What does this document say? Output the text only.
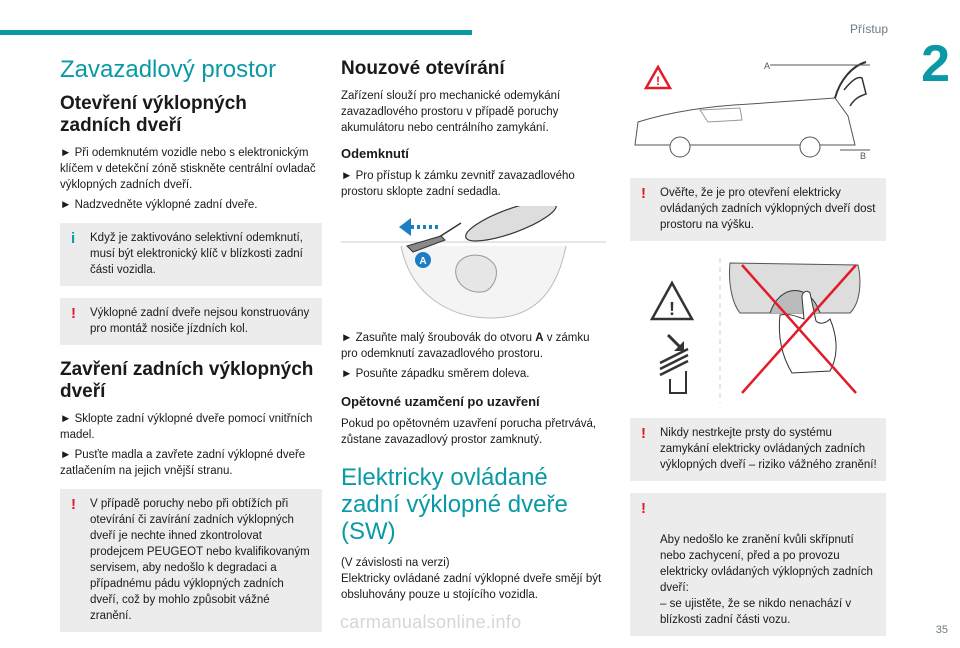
Přístup
2
Zavazadlový prostor
Otevření výklopných zadních dveří

► Při odemknutém vozidle nebo s elektronickým klíčem v detekční zóně stiskněte centrální ovladač výklopných zadních dveří.

► Nadzvedněte výklopné zadní dveře.

i Když je zaktivováno selektivní odemknutí, musí být elektronický klíč v blízkosti zadní části vozidla.
! Výklopné zadní dveře nejsou konstruovány pro montáž nosiče jízdních kol.
Zavření zadních výklopných dveří

► Sklopte zadní výklopné dveře pomocí vnitřních madel.

► Pusťte madla a zavřete zadní výklopné dveře zatlačením na jejich vnější stranu.

! V případě poruchy nebo při obtížích při otevírání či zavírání zadních výklopných dveří je nechte ihned zkontrolovat prodejcem PEUGEOT nebo kvalifikovaným servisem, aby nedošlo k degradaci a případnému pádu výklopných zadních dveří, což by mohlo způsobit vážné zranění.
Nouzové otevírání

Zařízení slouží pro mechanické odemykání zavazadlového prostoru v případě poruchy akumulátoru nebo centrálního zamykání.

Odemknutí

► Pro přístup k zámku zevnitř zavazadlového prostoru sklopte zadní sedadla.

A

► Zasuňte malý šroubovák do otvoru A v zámku pro odemknutí zavazadlového prostoru.

► Posuňte západku směrem doleva.

Opětovné uzamčení po uzavření

Pokud po opětovném uzavření porucha přetrvává, zůstane zavazadlový prostor zamknutý.

Elektricky ovládané zadní výklopné dveře (SW)

(V závislosti na verzi)

Elektricky ovládané zadní výklopné dveře smějí být obsluhovány pouze u stojícího vozidla.

!
A
B
! Ověřte, že je pro otevření elektricky ovládaných zadních výklopných dveří dost prostoru na výšku.
!
! Nikdy nestrkejte prsty do systému zamykání elektricky ovládaných zadních výklopných dveří – riziko vážného zranění!

!

Aby nedošlo ke zranění kvůli skřípnutí nebo zachycení, před a po provozu elektricky ovládaných výklopných zadních dveří:
– se ujistěte, že se nikdo nenachází v blízkosti zadní části vozu.

carmanualsonline.info	35
